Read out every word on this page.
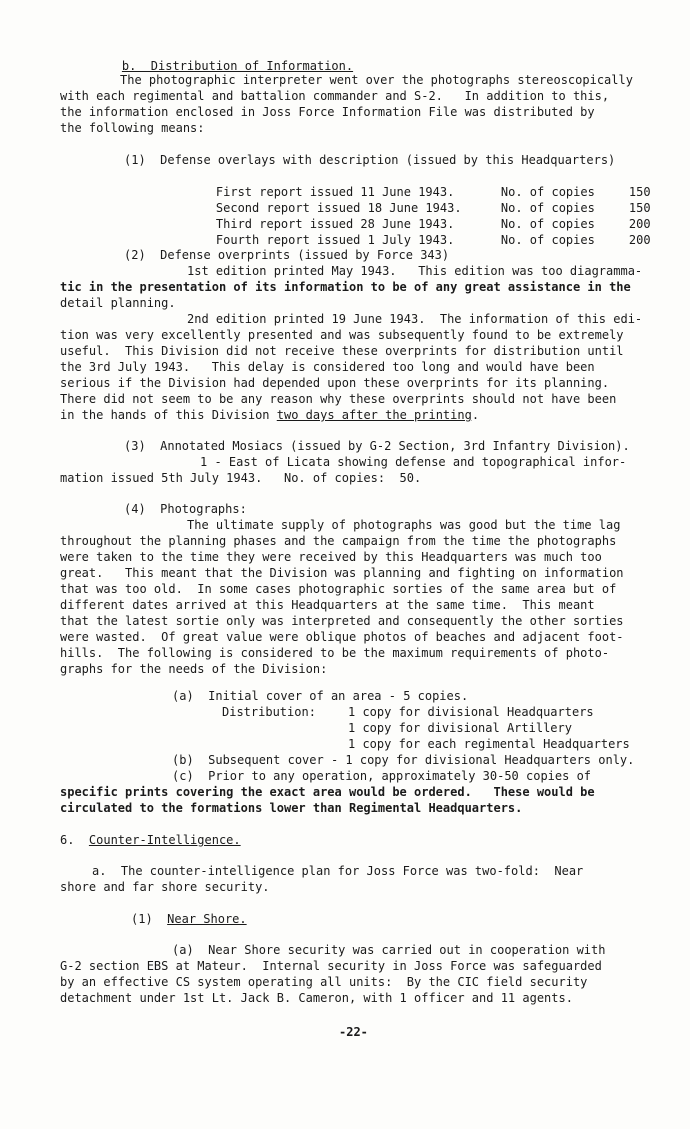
b.  Distribution of Information.

The photographic interpreter went over the photographs stereoscopically
with each regimental and battalion commander and S-2.   In addition to this,
the information enclosed in Joss Force Information File was distributed by
the following means:
(1)  Defense overlays with description (issued by this Headquarters)

First report issued 11 June 1943.	No. of copies	150

Second report issued 18 June 1943.	No. of copies	150

Third report issued 28 June 1943.	No. of copies	200

Fourth report issued 1 July 1943.	No. of copies	200

(2)  Defense overprints (issued by Force 343)
1st edition printed May 1943.   This edition was too diagramma-
tic in the presentation of its information to be of any great assistance in the
detail planning.
2nd edition printed 19 June 1943.  The information of this edi-
tion was very excellently presented and was subsequently found to be extremely
useful.  This Division did not receive these overprints for distribution until
the 3rd July 1943.   This delay is considered too long and would have been
serious if the Division had depended upon these overprints for its planning.
There did not seem to be any reason why these overprints should not have been
in the hands of this Division two days after the printing.
(3)  Annotated Mosiacs (issued by G-2 Section, 3rd Infantry Division).
1 - East of Licata showing defense and topographical infor-
mation issued 5th July 1943.   No. of copies:  50.
(4)  Photographs:
The ultimate supply of photographs was good but the time lag
throughout the planning phases and the campaign from the time the photographs
were taken to the time they were received by this Headquarters was much too
great.   This meant that the Division was planning and fighting on information
that was too old.  In some cases photographic sorties of the same area but of
different dates arrived at this Headquarters at the same time.  This meant
that the latest sortie only was interpreted and consequently the other sorties
were wasted.  Of great value were oblique photos of beaches and adjacent foot-
hills.  The following is considered to be the maximum requirements of photo-
graphs for the needs of the Division:
(a)  Initial cover of an area - 5 copies.
Distribution:	1 copy for divisional Headquarters
1 copy for divisional Artillery
1 copy for each regimental Headquarters
(b)  Subsequent cover - 1 copy for divisional Headquarters only.
(c)  Prior to any operation, approximately 30-50 copies of
specific prints covering the exact area would be ordered.   These would be
circulated to the formations lower than Regimental Headquarters.
6. Counter-Intelligence.
a.  The counter-intelligence plan for Joss Force was two-fold:  Near
shore and far shore security.
(1) Near Shore.
(a)  Near Shore security was carried out in cooperation with
G-2 section EBS at Mateur.  Internal security in Joss Force was safeguarded
by an effective CS system operating all units:  By the CIC field security
detachment under 1st Lt. Jack B. Cameron, with 1 officer and 11 agents.
-22-
